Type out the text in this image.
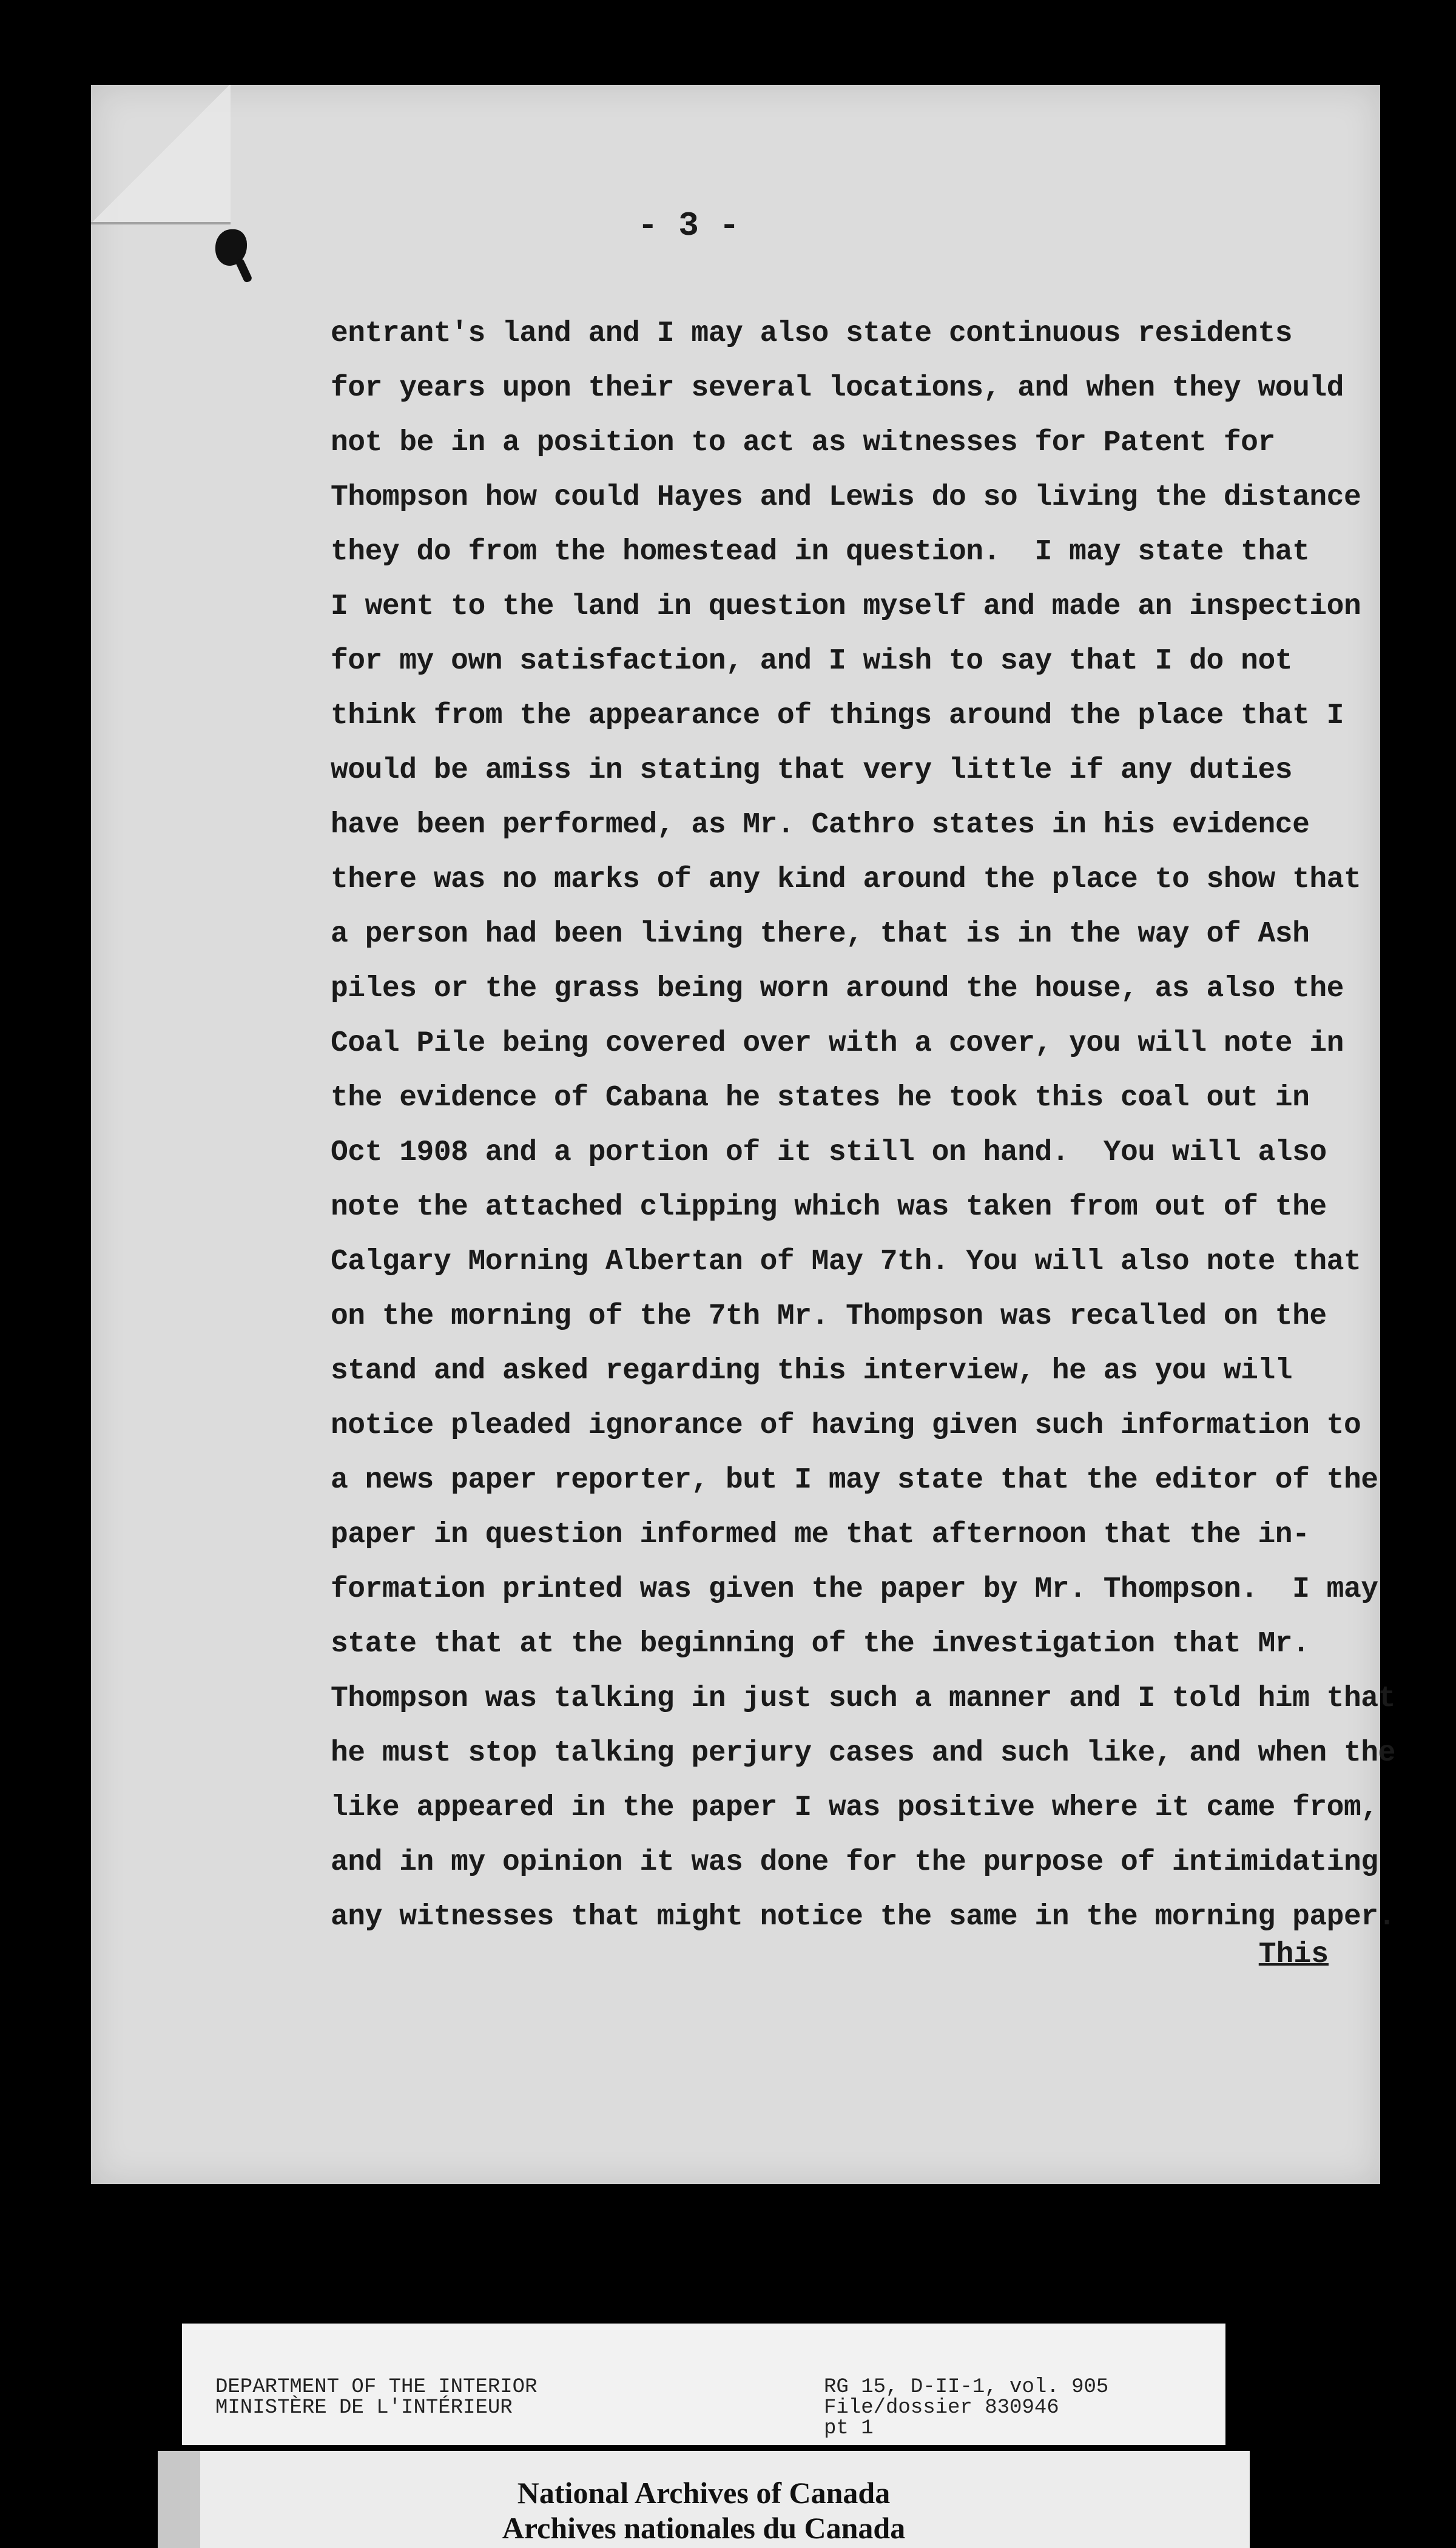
- 3 -
entrant's land and I may also state continuous residents
for years upon their several locations, and when they would
not be in a position to act as witnesses for Patent for
Thompson how could Hayes and Lewis do so living the distance
they do from the homestead in question.  I may state that
I went to the land in question myself and made an inspection
for my own satisfaction, and I wish to say that I do not
think from the appearance of things around the place that I
would be amiss in stating that very little if any duties
have been performed, as Mr. Cathro states in his evidence
there was no marks of any kind around the place to show that
a person had been living there, that is in the way of Ash
piles or the grass being worn around the house, as also the
Coal Pile being covered over with a cover, you will note in
the evidence of Cabana he states he took this coal out in
Oct 1908 and a portion of it still on hand.  You will also
note the attached clipping which was taken from out of the
Calgary Morning Albertan of May 7th. You will also note that
on the morning of the 7th Mr. Thompson was recalled on the
stand and asked regarding this interview, he as you will
notice pleaded ignorance of having given such information to
a news paper reporter, but I may state that the editor of the
paper in question informed me that afternoon that the in-
formation printed was given the paper by Mr. Thompson.  I may
state that at the beginning of the investigation that Mr.
Thompson was talking in just such a manner and I told him that
he must stop talking perjury cases and such like, and when the
like appeared in the paper I was positive where it came from,
and in my opinion it was done for the purpose of intimidating
any witnesses that might notice the same in the morning paper.
This
DEPARTMENT OF THE INTERIOR
MINISTÈRE DE L'INTÉRIEUR
RG 15, D-II-1, vol. 905
File/dossier 830946
pt 1
National Archives of Canada
Archives nationales du Canada
